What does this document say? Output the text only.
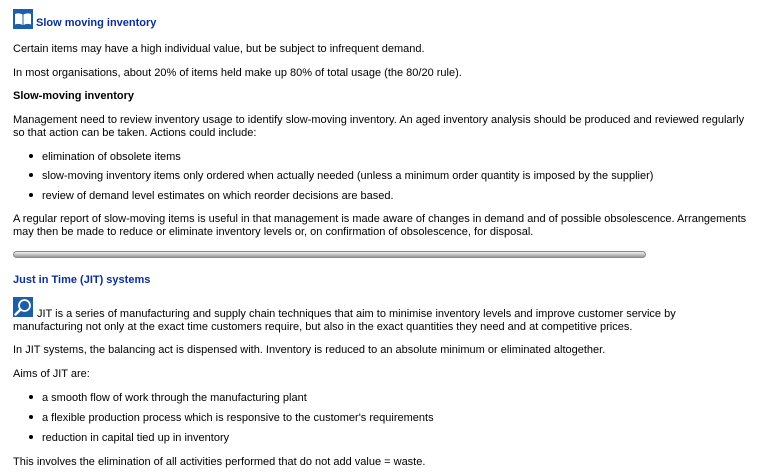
Slow moving inventory

Certain items may have a high individual value, but be subject to infrequent demand.

In most organisations, about 20% of items held make up 80% of total usage (the 80/20 rule).

Slow-moving inventory

Management need to review inventory usage to identify slow-moving inventory. An aged inventory analysis should be produced and reviewed regularly so that action can be taken. Actions could include:

elimination of obsolete items
slow-moving inventory items only ordered when actually needed (unless a minimum order quantity is imposed by the supplier)
review of demand level estimates on which reorder decisions are based.

A regular report of slow-moving items is useful in that management is made aware of changes in demand and of possible obsolescence. Arrangements may then be made to reduce or eliminate inventory levels or, on confirmation of obsolescence, for disposal.

Just in Time (JIT) systems

JIT is a series of manufacturing and supply chain techniques that aim to minimise inventory levels and improve customer service by manufacturing not only at the exact time customers require, but also in the exact quantities they need and at competitive prices.

In JIT systems, the balancing act is dispensed with. Inventory is reduced to an absolute minimum or eliminated altogether.

Aims of JIT are:

a smooth flow of work through the manufacturing plant
a flexible production process which is responsive to the customer's requirements
reduction in capital tied up in inventory

This involves the elimination of all activities performed that do not add value = waste.
